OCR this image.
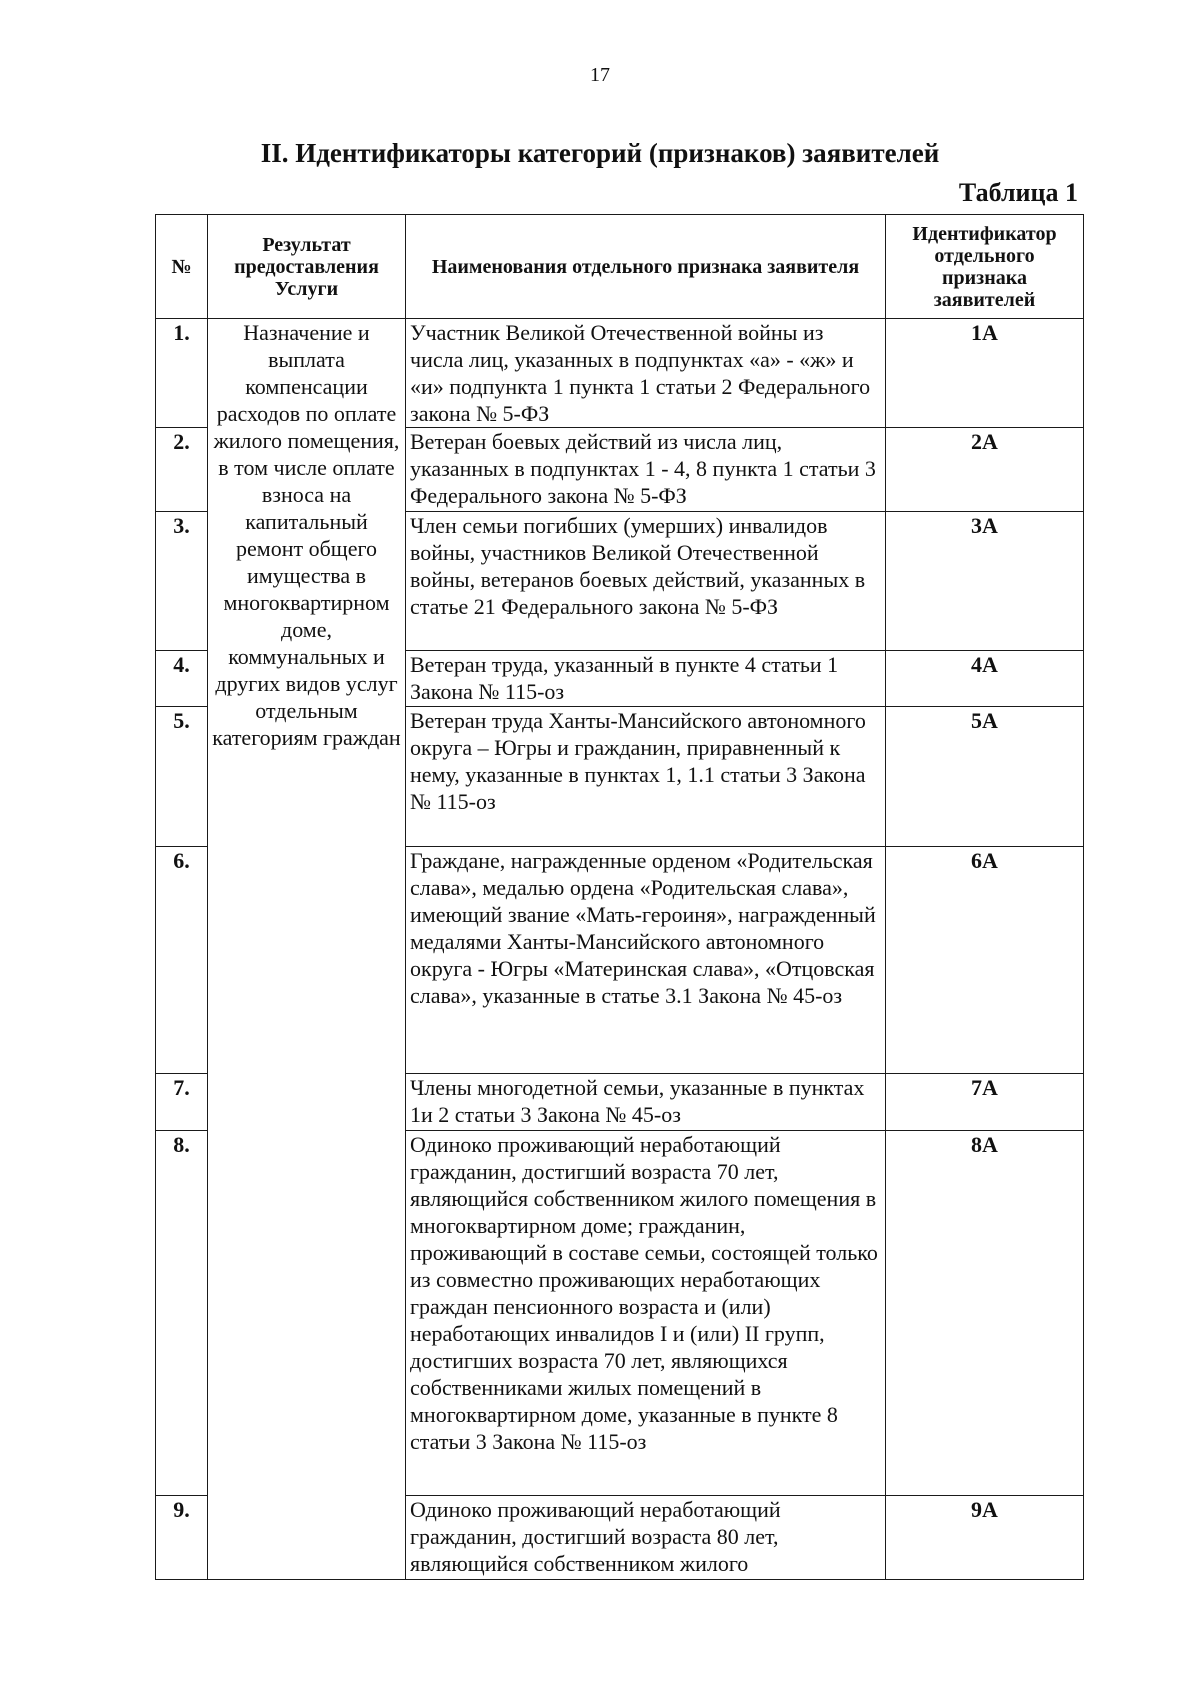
17
II. Идентификаторы категорий (признаков) заявителей
Таблица 1
№	Результат предоставления Услуги	Наименования отдельного признака заявителя	Идентификатор отдельного признака заявителей
1.	Назначение и выплата компенсации расходов по оплате жилого помещения, в том числе оплате взноса на капитальный ремонт общего имущества в многоквартирном доме, коммунальных и других видов услуг отдельным категориям граждан	Участник Великой Отечественной войны из числа лиц, указанных в подпунктах «а» - «ж» и «и» подпункта 1 пункта 1 статьи 2 Федерального закона № 5-ФЗ	1А
2.		Ветеран боевых действий из числа лиц, указанных в подпунктах 1 - 4, 8 пункта 1 статьи 3 Федерального закона № 5-ФЗ	2А
3.		Член семьи погибших (умерших) инвалидов войны, участников Великой Отечественной войны, ветеранов боевых действий, указанных в статье 21 Федерального закона № 5-ФЗ	3А
4.		Ветеран труда, указанный в пункте 4 статьи 1 Закона № 115-оз	4А
5.		Ветеран труда Ханты-Мансийского автономного округа – Югры и гражданин, приравненный к нему, указанные в пунктах 1, 1.1 статьи 3 Закона № 115-оз	5А
6.		Граждане, награжденные орденом «Родительская слава», медалью ордена «Родительская слава», имеющий звание «Мать-героиня», награжденный медалями Ханты-Мансийского автономного округа - Югры «Материнская слава», «Отцовская слава», указанные в статье 3.1 Закона № 45-оз	6А
7.		Члены многодетной семьи, указанные в пунктах 1и 2 статьи 3 Закона № 45-оз	7А
8.		Одиноко проживающий неработающий гражданин, достигший возраста 70 лет, являющийся собственником жилого помещения в многоквартирном доме; гражданин, проживающий в составе семьи, состоящей только из совместно проживающих неработающих граждан пенсионного возраста и (или) неработающих инвалидов I и (или) II групп, достигших возраста 70 лет, являющихся собственниками жилых помещений в многоквартирном доме, указанные в пункте 8 статьи 3 Закона № 115-оз	8А
9.		Одиноко проживающий неработающий гражданин, достигший возраста 80 лет, являющийся собственником жилого	9А
